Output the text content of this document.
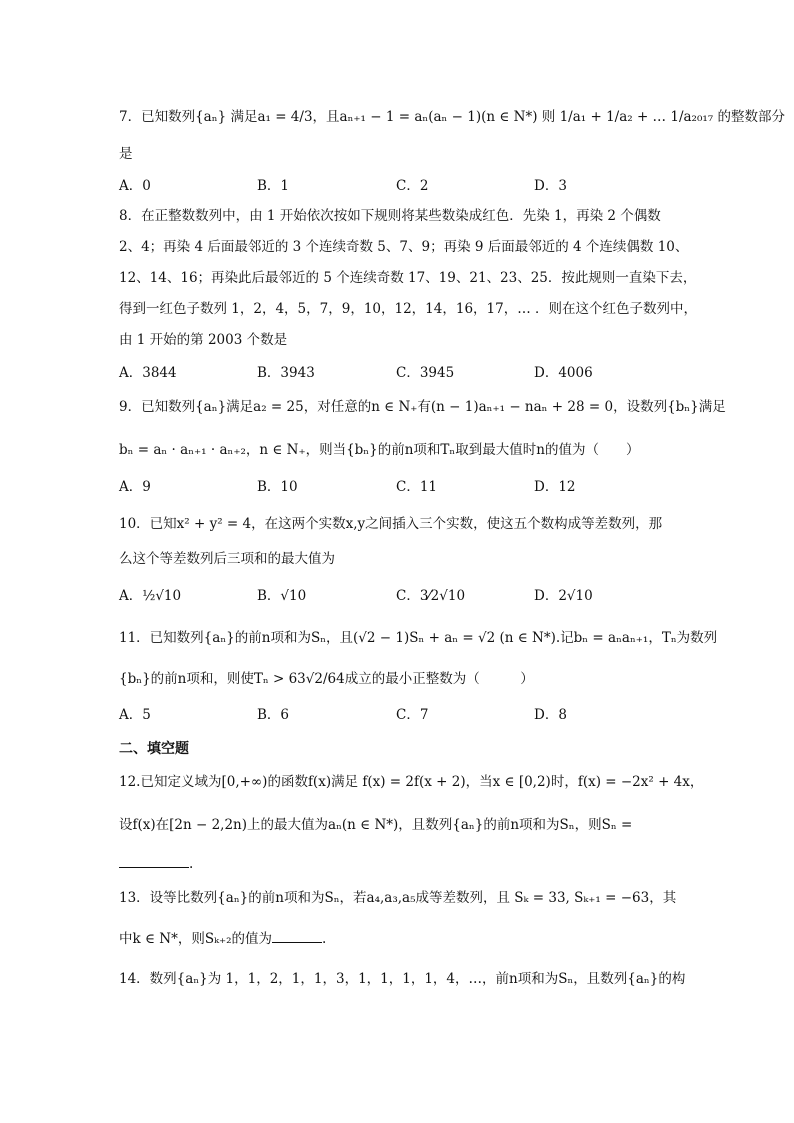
7．已知数列{aₙ} 满足a₁ = 4/3，且aₙ₊₁ − 1 = aₙ(aₙ − 1)(n ∈ N*) 则 1/a₁ + 1/a₂ + … 1/a₂₀₁₇ 的整数部分
是
A．0	B．1	C．2	D．3
8．在正整数数列中，由 1 开始依次按如下规则将某些数染成红色．先染 1，再染 2 个偶数
2、4；再染 4 后面最邻近的 3 个连续奇数 5、7、9；再染 9 后面最邻近的 4 个连续偶数 10、
12、14、16；再染此后最邻近的 5 个连续奇数 17、19、21、23、25．按此规则一直染下去，
得到一红色子数列 1，2，4，5，7，9，10，12，14，16，17，… ．则在这个红色子数列中，
由 1 开始的第 2003 个数是
A．3844	B．3943	C．3945	D．4006
9．已知数列{aₙ}满足a₂ = 25，对任意的n ∈ N₊有(n − 1)aₙ₊₁ − naₙ + 28 = 0，设数列{bₙ}满足
bₙ = aₙ · aₙ₊₁ · aₙ₊₂，n ∈ N₊，则当{bₙ}的前n项和Tₙ取到最大值时n的值为（　　）
A．9	B．10	C．11	D．12
10．已知x² + y² = 4，在这两个实数x,y之间插入三个实数，使这五个数构成等差数列，那
么这个等差数列后三项和的最大值为
A．½√10	B．√10	C．3⁄2√10	D．2√10
11．已知数列{aₙ}的前n项和为Sₙ，且(√2 − 1)Sₙ + aₙ = √2 (n ∈ N*).记bₙ = aₙaₙ₊₁，Tₙ为数列
{bₙ}的前n项和，则使Tₙ > 63√2/64成立的最小正整数为（　　　）
A．5	B．6	C．7	D．8
二、填空题
12.已知定义域为[0,+∞)的函数f(x)满足 f(x) = 2f(x + 2)，当x ∈ [0,2)时，f(x) = −2x² + 4x，
设f(x)在[2n − 2,2n)上的最大值为aₙ(n ∈ N*)，且数列{aₙ}的前n项和为Sₙ，则Sₙ =
.
13．设等比数列{aₙ}的前n项和为Sₙ，若a₄,a₃,a₅成等差数列，且 Sₖ = 33, Sₖ₊₁ = −63，其
中k ∈ N*，则Sₖ₊₂的值为	.
14．数列{aₙ}为 1，1，2，1，1，3，1，1，1，1，4，…，前n项和为Sₙ，且数列{aₙ}的构
